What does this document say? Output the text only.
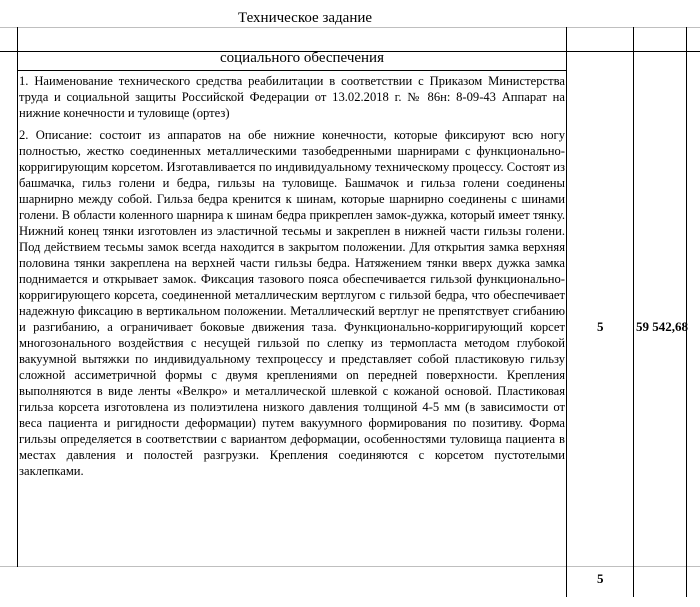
Техническое задание
социального обеспечения

1. Наименование технического средства реабилитации в соответствии с Приказом Министерства труда и социальной защиты Российской Федерации от 13.02.2018 г. № 86н: 8-09-43 Аппарат на нижние конечности и туловище (ортез)

2. Описание: состоит из аппаратов на обе нижние конечности, которые фиксируют всю ногу полностью, жестко соединенных металлическими тазобедренными шарнирами с функционально-корригирующим корсетом. Изготавливается по индивидуальному техническому процессу. Состоят из башмачка, гильз голени и бедра, гильзы на туловище. Башмачок и гильза голени соединены шарнирно между собой. Гильза бедра кренится к шинам, которые шарнирно соединены с шинами голени. В области коленного шарнира к шинам бедра прикреплен замок-дужка, который имеет тянку. Нижний конец тянки изготовлен из эластичной тесьмы и закреплен в нижней части гильзы голени. Под действием тесьмы замок всегда находится в закрытом положении. Для открытия замка верхняя половина тянки закреплена на верхней части гильзы бедра. Натяжением тянки вверх дужка замка поднимается и открывает замок. Фиксация тазового пояса обеспечивается гильзой функционально-корригирующего корсета, соединенной металлическим вертлугом с гильзой бедра, что обеспечивает надежную фиксацию в вертикальном положении. Металлический вертлуг не препятствует сгибанию и разгибанию, а ограничивает боковые движения таза. Функционально-корригирующий корсет многозонального воздействия с несущей гильзой по слепку из термопласта методом глубокой вакуумной вытяжки по индивидуальному техпроцессу и представляет собой пластиковую гильзу сложной ассиметричной формы с двумя креплениями on передней поверхности. Крепления выполняются в виде ленты «Велкро» и металлической шлевкой с кожаной основой. Пластиковая гильза корсета изготовлена из полиэтилена низкого давления толщиной 4-5 мм (в зависимости от веса пациента и ригидности деформации) путем вакуумного формирования по позитиву. Форма гильзы определяется в соответствии с вариантом деформации, особенностями туловища пациента в местах давления и полостей разгрузки. Крепления соединяются с корсетом пустотелыми заклепками.

5	59 542,68
5
